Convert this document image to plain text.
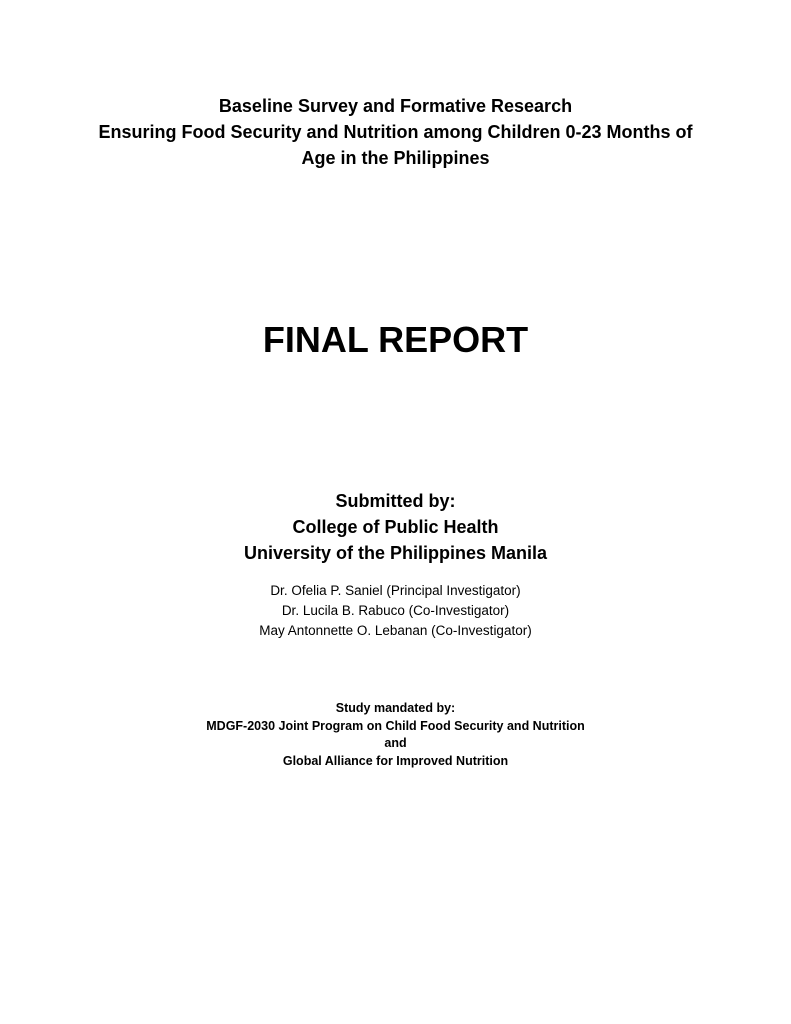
Baseline Survey and Formative Research
Ensuring Food Security and Nutrition among Children 0-23 Months of
Age in the Philippines
FINAL REPORT
Submitted by:
College of Public Health
University of the Philippines Manila
Dr. Ofelia P. Saniel (Principal Investigator)
Dr. Lucila B. Rabuco (Co-Investigator)
May Antonnette O. Lebanan (Co-Investigator)
Study mandated by:
MDGF-2030 Joint Program on Child Food Security and Nutrition
and
Global Alliance for Improved Nutrition
